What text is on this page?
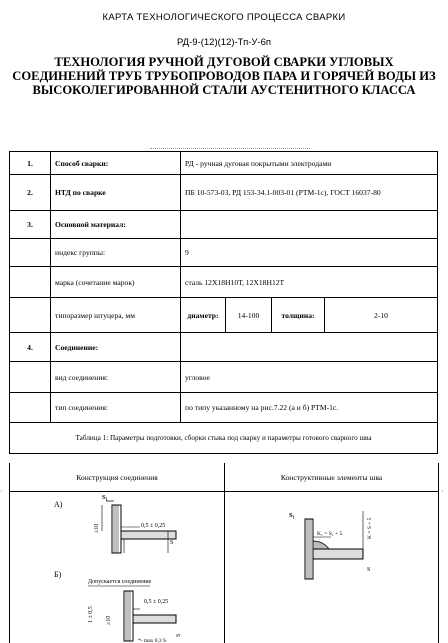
КАРТА ТЕХНОЛОГИЧЕСКОГО ПРОЦЕССА СВАРКИ
РД-9-(12)(12)-Тп-У-6п
ТЕХНОЛОГИЯ РУЧНОЙ ДУГОВОЙ СВАРКИ УГЛОВЫХ СОЕДИНЕНИЙ ТРУБ ТРУБОПРОВОДОВ ПАРА И ГОРЯЧЕЙ ВОДЫ ИЗ ВЫСОКОЛЕГИРОВАННОЙ СТАЛИ АУСТЕНИТНОГО КЛАССА
1.	Способ сварки:	РД - ручная дуговая покрытыми электродами			
2.	НТД по сварке	ПБ 10-573-03, РД 153-34.1-003-01 (РТМ-1с), ГОСТ 16037-80			
3.	Основной материал:				
	индекс группы:	9			
	марка (сочетание марок)	сталь 12Х18Н10Т, 12Х18Н12Т			
	типоразмер штуцера, мм	диаметр:	14-100	толщина:	2-10
4.	Соединение:				
	вид соединения:	угловое			
	тип соединения:	по типу указанному на рис.7.22 (а и б) РТМ-1с.			
Таблица 1: Параметры подготовки, сборки стыка под сварку и параметры готового сварного шва					
Конструкция соединения	Конструктивные элементы шва
А)
S₁
S
0,5 ± 0,25
≥10
Б)
Допускается соединение
0,5 ± 0,25
1 ± 0,5 ≥10
S
*- max 0,3 S
S₁
K₁ = S₁ + 5	K = S + 5
S
·	·
